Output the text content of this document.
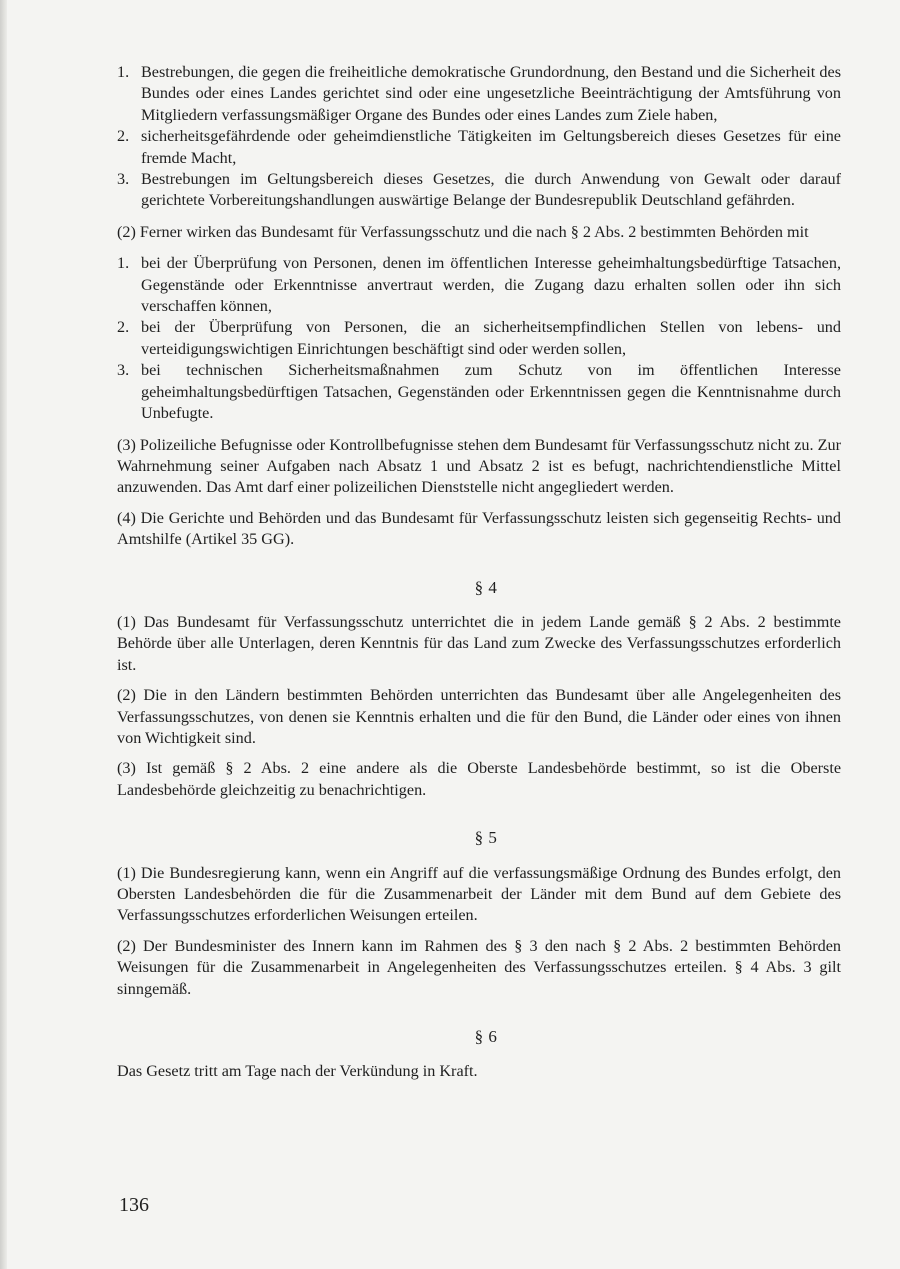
1. Bestrebungen, die gegen die freiheitliche demokratische Grundordnung, den Bestand und die Sicherheit des Bundes oder eines Landes gerichtet sind oder eine ungesetzliche Beeinträchtigung der Amtsführung von Mitgliedern verfassungsmäßiger Organe des Bundes oder eines Landes zum Ziele haben,
2. sicherheitsgefährdende oder geheimdienstliche Tätigkeiten im Geltungsbereich dieses Gesetzes für eine fremde Macht,
3. Bestrebungen im Geltungsbereich dieses Gesetzes, die durch Anwendung von Gewalt oder darauf gerichtete Vorbereitungshandlungen auswärtige Belange der Bundesrepublik Deutschland gefährden.

(2) Ferner wirken das Bundesamt für Verfassungsschutz und die nach § 2 Abs. 2 bestimmten Behörden mit

1. bei der Überprüfung von Personen, denen im öffentlichen Interesse geheimhaltungsbedürftige Tatsachen, Gegenstände oder Erkenntnisse anvertraut werden, die Zugang dazu erhalten sollen oder ihn sich verschaffen können,
2. bei der Überprüfung von Personen, die an sicherheitsempfindlichen Stellen von lebens- und verteidigungswichtigen Einrichtungen beschäftigt sind oder werden sollen,
3. bei technischen Sicherheitsmaßnahmen zum Schutz von im öffentlichen Interesse geheimhaltungsbedürftigen Tatsachen, Gegenständen oder Erkenntnissen gegen die Kenntnisnahme durch Unbefugte.

(3) Polizeiliche Befugnisse oder Kontrollbefugnisse stehen dem Bundesamt für Verfassungsschutz nicht zu. Zur Wahrnehmung seiner Aufgaben nach Absatz 1 und Absatz 2 ist es befugt, nachrichtendienstliche Mittel anzuwenden. Das Amt darf einer polizeilichen Dienststelle nicht angegliedert werden.

(4) Die Gerichte und Behörden und das Bundesamt für Verfassungsschutz leisten sich gegenseitig Rechts- und Amtshilfe (Artikel 35 GG).

§ 4

(1) Das Bundesamt für Verfassungsschutz unterrichtet die in jedem Lande gemäß § 2 Abs. 2 bestimmte Behörde über alle Unterlagen, deren Kenntnis für das Land zum Zwecke des Verfassungsschutzes erforderlich ist.

(2) Die in den Ländern bestimmten Behörden unterrichten das Bundesamt über alle Angelegenheiten des Verfassungsschutzes, von denen sie Kenntnis erhalten und die für den Bund, die Länder oder eines von ihnen von Wichtigkeit sind.

(3) Ist gemäß § 2 Abs. 2 eine andere als die Oberste Landesbehörde bestimmt, so ist die Oberste Landesbehörde gleichzeitig zu benachrichtigen.

§ 5

(1) Die Bundesregierung kann, wenn ein Angriff auf die verfassungsmäßige Ordnung des Bundes erfolgt, den Obersten Landesbehörden die für die Zusammenarbeit der Länder mit dem Bund auf dem Gebiete des Verfassungsschutzes erforderlichen Weisungen erteilen.

(2) Der Bundesminister des Innern kann im Rahmen des § 3 den nach § 2 Abs. 2 bestimmten Behörden Weisungen für die Zusammenarbeit in Angelegenheiten des Verfassungsschutzes erteilen. § 4 Abs. 3 gilt sinngemäß.

§ 6

Das Gesetz tritt am Tage nach der Verkündung in Kraft.

136
